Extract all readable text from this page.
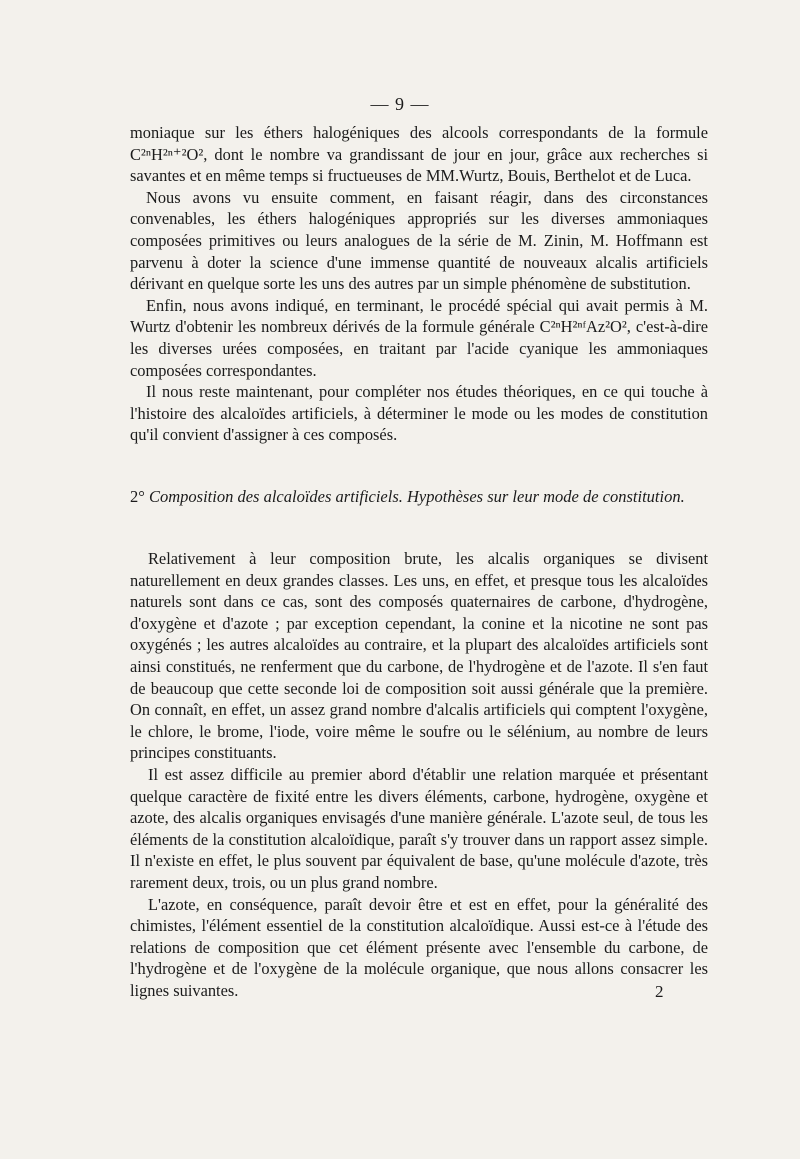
— 9 —

moniaque sur les éthers halogéniques des alcools correspondants de la formule C²ⁿH²ⁿ⁺²O², dont le nombre va grandissant de jour en jour, grâce aux recherches si savantes et en même temps si fructueuses de MM.Wurtz, Bouis, Berthelot et de Luca.

Nous avons vu ensuite comment, en faisant réagir, dans des circonstances convenables, les éthers halogéniques appropriés sur les diverses ammoniaques composées primitives ou leurs analogues de la série de M. Zinin, M. Hoffmann est parvenu à doter la science d'une immense quantité de nouveaux alcalis artificiels dérivant en quelque sorte les uns des autres par un simple phénomène de substitution.

Enfin, nous avons indiqué, en terminant, le procédé spécial qui avait permis à M. Wurtz d'obtenir les nombreux dérivés de la formule générale C²ⁿH²ⁿᶠAz²O², c'est-à-dire les diverses urées composées, en traitant par l'acide cyanique les ammoniaques composées correspondantes.

Il nous reste maintenant, pour compléter nos études théoriques, en ce qui touche à l'histoire des alcaloïdes artificiels, à déterminer le mode ou les modes de constitution qu'il convient d'assigner à ces composés.

2° Composition des alcaloïdes artificiels. Hypothèses sur leur mode de constitution.

Relativement à leur composition brute, les alcalis organiques se divisent naturellement en deux grandes classes. Les uns, en effet, et presque tous les alcaloïdes naturels sont dans ce cas, sont des composés quaternaires de carbone, d'hydrogène, d'oxygène et d'azote ; par exception cependant, la conine et la nicotine ne sont pas oxygénés ; les autres alcaloïdes au contraire, et la plupart des alcaloïdes artificiels sont ainsi constitués, ne renferment que du carbone, de l'hydrogène et de l'azote. Il s'en faut de beaucoup que cette seconde loi de composition soit aussi générale que la première. On connaît, en effet, un assez grand nombre d'alcalis artificiels qui comptent l'oxygène, le chlore, le brome, l'iode, voire même le soufre ou le sélénium, au nombre de leurs principes constituants.

Il est assez difficile au premier abord d'établir une relation marquée et présentant quelque caractère de fixité entre les divers éléments, carbone, hydrogène, oxygène et azote, des alcalis organiques envisagés d'une manière générale. L'azote seul, de tous les éléments de la constitution alcaloïdique, paraît s'y trouver dans un rapport assez simple. Il n'existe en effet, le plus souvent par équivalent de base, qu'une molécule d'azote, très rarement deux, trois, ou un plus grand nombre.

L'azote, en conséquence, paraît devoir être et est en effet, pour la généralité des chimistes, l'élément essentiel de la constitution alcaloïdique. Aussi est-ce à l'étude des relations de composition que cet élément présente avec l'ensemble du carbone, de l'hydrogène et de l'oxygène de la molécule organique, que nous allons consacrer les lignes suivantes.	2
